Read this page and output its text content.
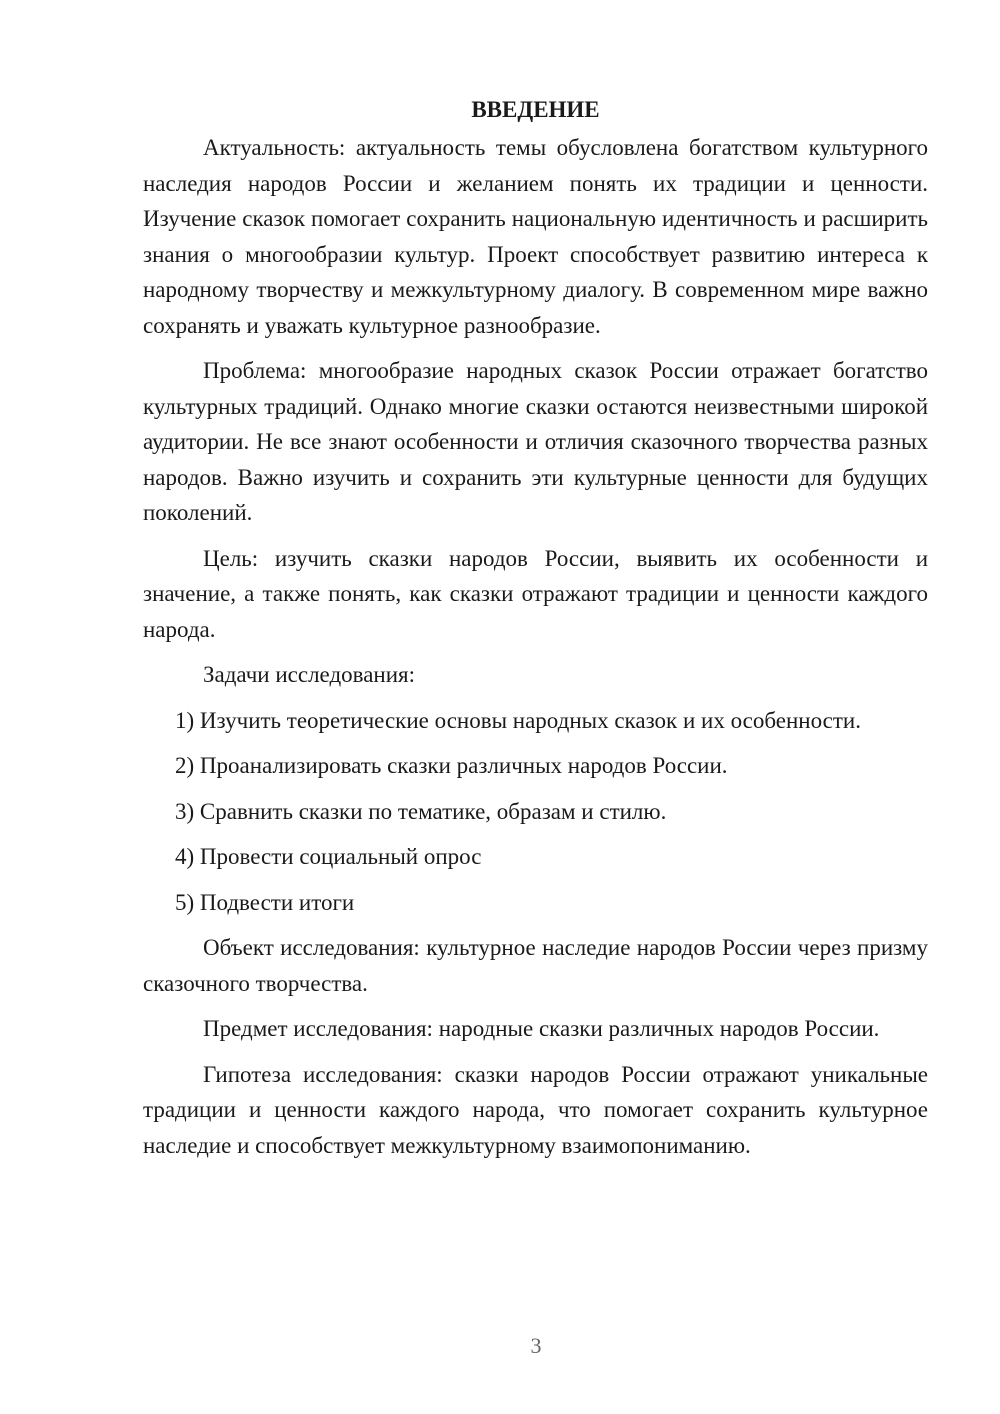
ВВЕДЕНИЕ

Актуальность: актуальность темы обусловлена богатством культурного наследия народов России и желанием понять их традиции и ценности. Изучение сказок помогает сохранить национальную идентичность и расширить знания о многообразии культур. Проект способствует развитию интереса к народному творчеству и межкультурному диалогу. В современном мире важно сохранять и уважать культурное разнообразие.

Проблема: многообразие народных сказок России отражает богатство культурных традиций. Однако многие сказки остаются неизвестными широкой аудитории. Не все знают особенности и отличия сказочного творчества разных народов. Важно изучить и сохранить эти культурные ценности для будущих поколений.

Цель: изучить сказки народов России, выявить их особенности и значение, а также понять, как сказки отражают традиции и ценности каждого народа.

Задачи исследования:
1) Изучить теоретические основы народных сказок и их особенности.
2) Проанализировать сказки различных народов России.
3) Сравнить сказки по тематике, образам и стилю.
4) Провести социальный опрос
5) Подвести итоги

Объект исследования: культурное наследие народов России через призму сказочного творчества.

Предмет исследования: народные сказки различных народов России.

Гипотеза исследования: сказки народов России отражают уникальные традиции и ценности каждого народа, что помогает сохранить культурное наследие и способствует межкультурному взаимопониманию.

3
